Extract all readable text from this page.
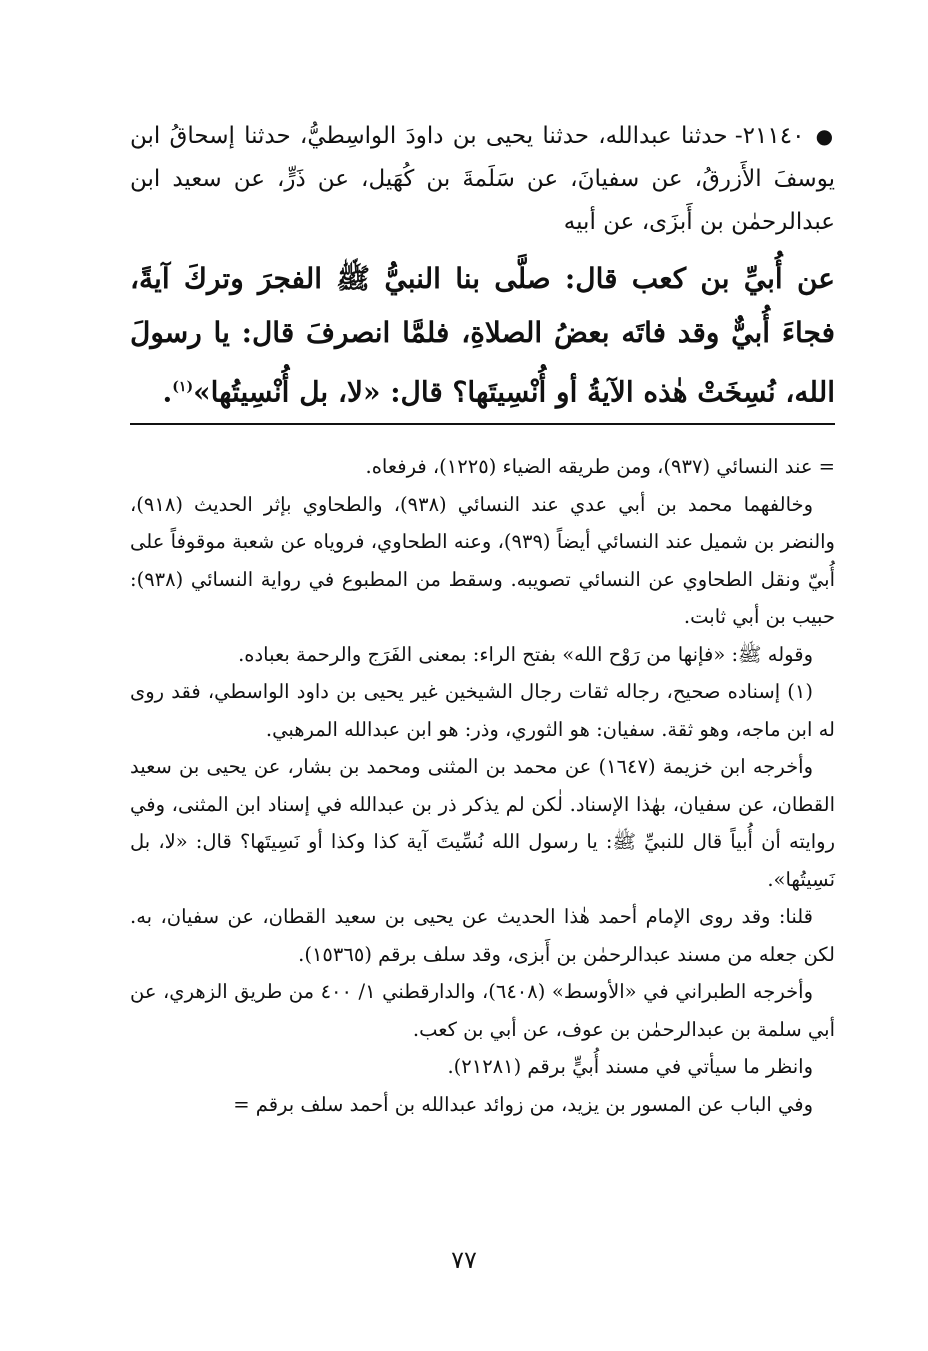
● ٢١١٤٠- حدثنا عبدالله، حدثنا يحيى بن داودَ الواسِطيُّ، حدثنا إسحاقُ ابن يوسفَ الأَزرقُ، عن سفيانَ، عن سَلَمةَ بن كُهَيل، عن ذَرٍّ، عن سعيد ابن عبدالرحمٰن بن أَبزَى، عن أبيه

عن أُبيِّ بن كعب قال: صلَّى بنا النبيُّ ﷺ الفجرَ وتركَ آيةً، فجاءَ أُبيٌّ وقد فاتَه بعضُ الصلاةِ، فلمَّا انصرفَ قال: يا رسولَ الله، نُسِخَتْ هٰذه الآيةُ أو أُنْسِيتَها؟ قال: «لا، بل أُنْسِيتُها»$^{(١)}$.

= عند النسائي (٩٣٧)، ومن طريقه الضياء (١٢٢٥)، فرفعاه.

وخالفهما محمد بن أبي عدي عند النسائي (٩٣٨)، والطحاوي بإثر الحديث (٩١٨)، والنضر بن شميل عند النسائي أيضاً (٩٣٩)، وعنه الطحاوي، فروياه عن شعبة موقوفاً على أُبيّ ونقل الطحاوي عن النسائي تصويبه. وسقط من المطبوع في رواية النسائي (٩٣٨): حبيب بن أبي ثابت.

وقوله ﷺ: «فإنها من رَوْح الله» بفتح الراء: بمعنى الفَرَج والرحمة بعباده.

(١) إسناده صحيح، رجاله ثقات رجال الشيخين غير يحيى بن داود الواسطي، فقد روى له ابن ماجه، وهو ثقة. سفيان: هو الثوري، وذر: هو ابن عبدالله المرهبي.

وأخرجه ابن خزيمة (١٦٤٧) عن محمد بن المثنى ومحمد بن بشار، عن يحيى بن سعيد القطان، عن سفيان، بهٰذا الإسناد. لٰكن لم يذكر ذر بن عبدالله في إسناد ابن المثنى، وفي روايته أن أُبياً قال للنبيِّ ﷺ: يا رسول الله نُسِّيتَ آية كذا وكذا أو نَسِيتَها؟ قال: «لا، بل نَسِيتُها».

قلنا: وقد روى الإمام أحمد هٰذا الحديث عن يحيى بن سعيد القطان، عن سفيان، به. لكن جعله من مسند عبدالرحمٰن بن أَبزى، وقد سلف برقم (١٥٣٦٥).

وأخرجه الطبراني في «الأوسط» (٦٤٠٨)، والدارقطني ١/ ٤٠٠ من طريق الزهري، عن أبي سلمة بن عبدالرحمٰن بن عوف، عن أبي بن كعب.

وانظر ما سيأتي في مسند أُبيٍّ برقم (٢١٢٨١).

وفي الباب عن المسور بن يزيد، من زوائد عبدالله بن أحمد سلف برقم =

٧٧
